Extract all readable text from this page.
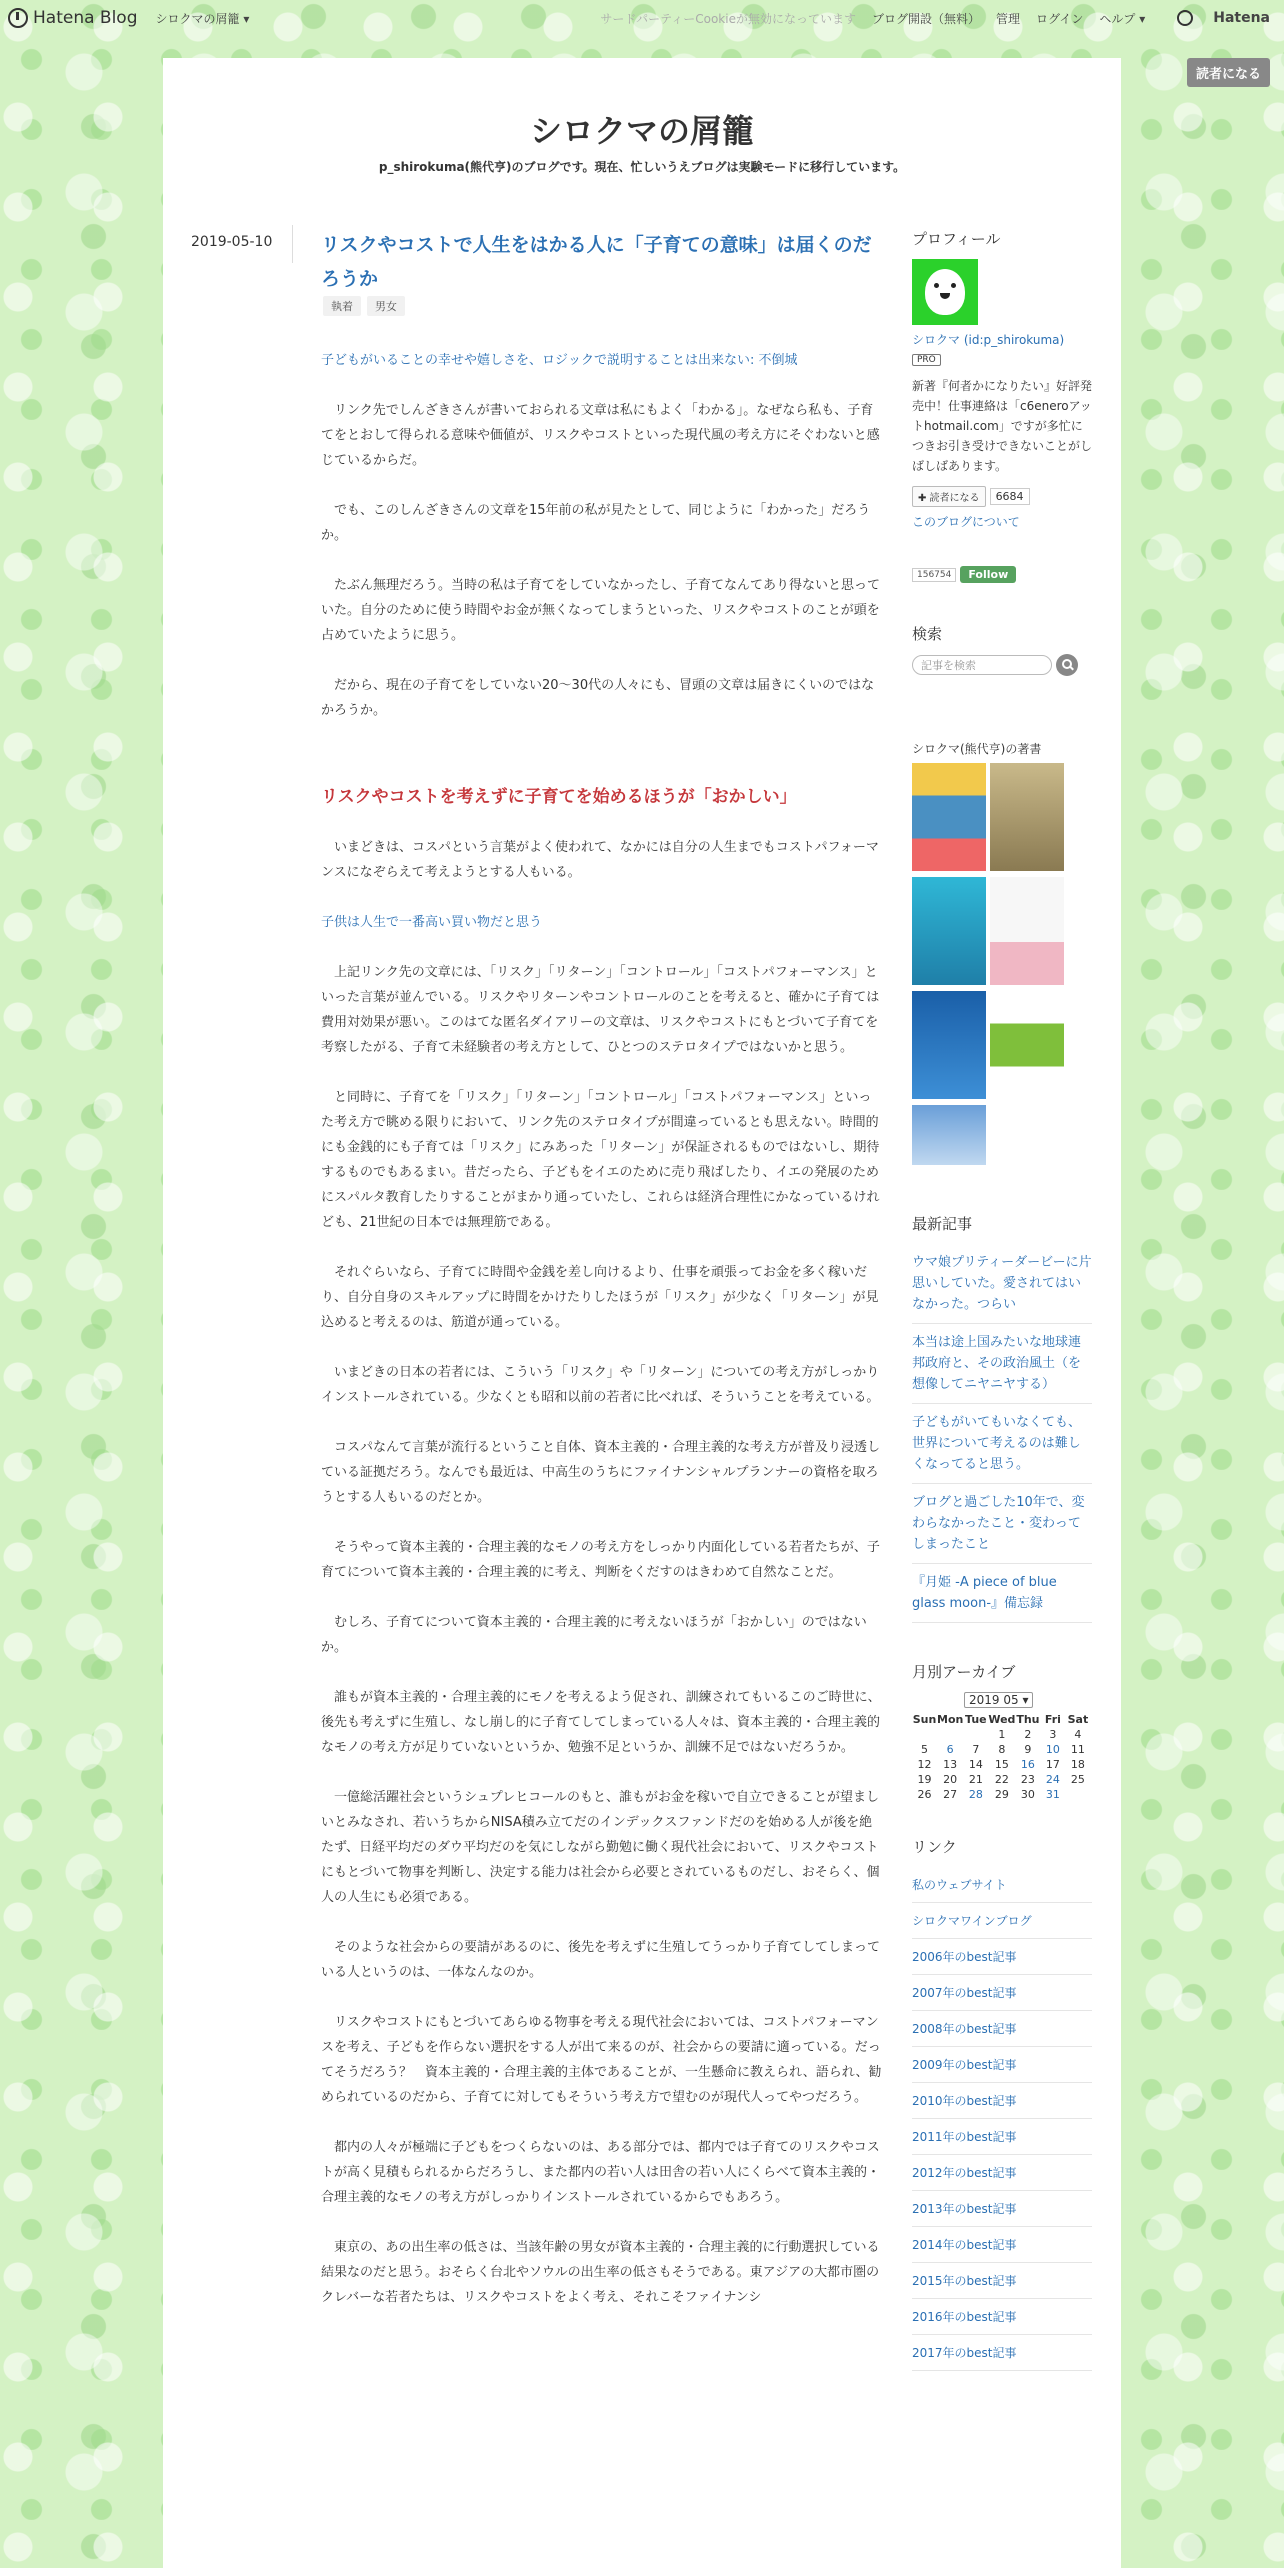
Hatena Blog シロクマの屑籠 ▾	サードパーティーCookieが無効になっています ブログ開設（無料） 管理 ログイン ヘルプ ▾	Hatena
読者になる
シロクマの屑籠
p_shirokuma(熊代亨)のブログです。現在、忙しいうえブログは実験モードに移行しています。
2019-05-10	リスクやコストで人生をはかる人に「子育ての意味」は届くのだろうか
執着	男女

子どもがいることの幸せや嬉しさを、ロジックで説明することは出来ない: 不倒城

リンク先でしんざきさんが書いておられる文章は私にもよく「わかる」。なぜなら私も、子育てをとおして得られる意味や価値が、リスクやコストといった現代風の考え方にそぐわないと感じているからだ。

でも、このしんざきさんの文章を15年前の私が見たとして、同じように「わかった」だろうか。

たぶん無理だろう。当時の私は子育てをしていなかったし、子育てなんてあり得ないと思っていた。自分のために使う時間やお金が無くなってしまうといった、リスクやコストのことが頭を占めていたように思う。

だから、現在の子育てをしていない20～30代の人々にも、冒頭の文章は届きにくいのではなかろうか。

リスクやコストを考えずに子育てを始めるほうが「おかしい」

いまどきは、コスパという言葉がよく使われて、なかには自分の人生までもコストパフォーマンスになぞらえて考えようとする人もいる。

子供は人生で一番高い買い物だと思う

上記リンク先の文章には、「リスク」「リターン」「コントロール」「コストパフォーマンス」といった言葉が並んでいる。リスクやリターンやコントロールのことを考えると、確かに子育ては費用対効果が悪い。このはてな匿名ダイアリーの文章は、リスクやコストにもとづいて子育てを考察したがる、子育て未経験者の考え方として、ひとつのステロタイプではないかと思う。

と同時に、子育てを「リスク」「リターン」「コントロール」「コストパフォーマンス」といった考え方で眺める限りにおいて、リンク先のステロタイプが間違っているとも思えない。時間的にも金銭的にも子育ては「リスク」にみあった「リターン」が保証されるものではないし、期待するものでもあるまい。昔だったら、子どもをイエのために売り飛ばしたり、イエの発展のためにスパルタ教育したりすることがまかり通っていたし、これらは経済合理性にかなっているけれども、21世紀の日本では無理筋である。

それぐらいなら、子育てに時間や金銭を差し向けるより、仕事を頑張ってお金を多く稼いだり、自分自身のスキルアップに時間をかけたりしたほうが「リスク」が少なく「リターン」が見込めると考えるのは、筋道が通っている。

いまどきの日本の若者には、こういう「リスク」や「リターン」についての考え方がしっかりインストールされている。少なくとも昭和以前の若者に比べれば、そういうことを考えている。

コスパなんて言葉が流行るということ自体、資本主義的・合理主義的な考え方が普及り浸透している証拠だろう。なんでも最近は、中高生のうちにファイナンシャルプランナーの資格を取ろうとする人もいるのだとか。

そうやって資本主義的・合理主義的なモノの考え方をしっかり内面化している若者たちが、子育てについて資本主義的・合理主義的に考え、判断をくだすのはきわめて自然なことだ。

むしろ、子育てについて資本主義的・合理主義的に考えないほうが「おかしい」のではないか。

誰もが資本主義的・合理主義的にモノを考えるよう促され、訓練されてもいるこのご時世に、後先も考えずに生殖し、なし崩し的に子育てしてしまっている人々は、資本主義的・合理主義的なモノの考え方が足りていないというか、勉強不足というか、訓練不足ではないだろうか。

一億総活躍社会というシュプレヒコールのもと、誰もがお金を稼いで自立できることが望ましいとみなされ、若いうちからNISA積み立てだのインデックスファンドだのを始める人が後を絶たず、日経平均だのダウ平均だのを気にしながら勤勉に働く現代社会において、リスクやコストにもとづいて物事を判断し、決定する能力は社会から必要とされているものだし、おそらく、個人の人生にも必須である。

そのような社会からの要請があるのに、後先を考えずに生殖してうっかり子育てしてしまっている人というのは、一体なんなのか。

リスクやコストにもとづいてあらゆる物事を考える現代社会においては、コストパフォーマンスを考え、子どもを作らない選択をする人が出て来るのが、社会からの要請に適っている。だってそうだろう？　資本主義的・合理主義的主体であることが、一生懸命に教えられ、語られ、勧められているのだから、子育てに対してもそういう考え方で望むのが現代人ってやつだろう。

都内の人々が極端に子どもをつくらないのは、ある部分では、都内では子育てのリスクやコストが高く見積もられるからだろうし、また都内の若い人は田舎の若い人にくらべて資本主義的・合理主義的なモノの考え方がしっかりインストールされているからでもあろう。

東京の、あの出生率の低さは、当該年齢の男女が資本主義的・合理主義的に行動選択している結果なのだと思う。おそらく台北やソウルの出生率の低さもそうである。東アジアの大都市圏のクレバーな若者たちは、リスクやコストをよく考え、それこそファイナンシ

プロフィール
シロクマ (id:p_shirokuma)
PRO
新著『何者かになりたい』好評発売中！仕事連絡は「c6eneroアットhotmail.com」ですが多忙につきお引き受けできないことがしばしばあります。
✚ 読者になる	6684
このブログについて
156754	Follow
検索
記事を検索
シロクマ(熊代亨)の著書
最新記事
ウマ娘プリティーダービーに片思いしていた。愛されてはいなかった。つらい
本当は途上国みたいな地球連邦政府と、その政治風土（を想像してニヤニヤする）
子どもがいてもいなくても、世界について考えるのは難しくなってると思う。
ブログと過ごした10年で、変わらなかったこと・変わってしまったこと
『月姫 -A piece of blue glass moon-』備忘録
月別アーカイブ
2019 05 ▾
Sun	Mon	Tue	Wed	Thu	Fri	Sat
			1	2	3	4
5	6	7	8	9	10	11
12	13	14	15	16	17	18
19	20	21	22	23	24	25
26	27	28	29	30	31	
リンク
私のウェブサイト
シロクマワインブログ
2006年のbest記事
2007年のbest記事
2008年のbest記事
2009年のbest記事
2010年のbest記事
2011年のbest記事
2012年のbest記事
2013年のbest記事
2014年のbest記事
2015年のbest記事
2016年のbest記事
2017年のbest記事
